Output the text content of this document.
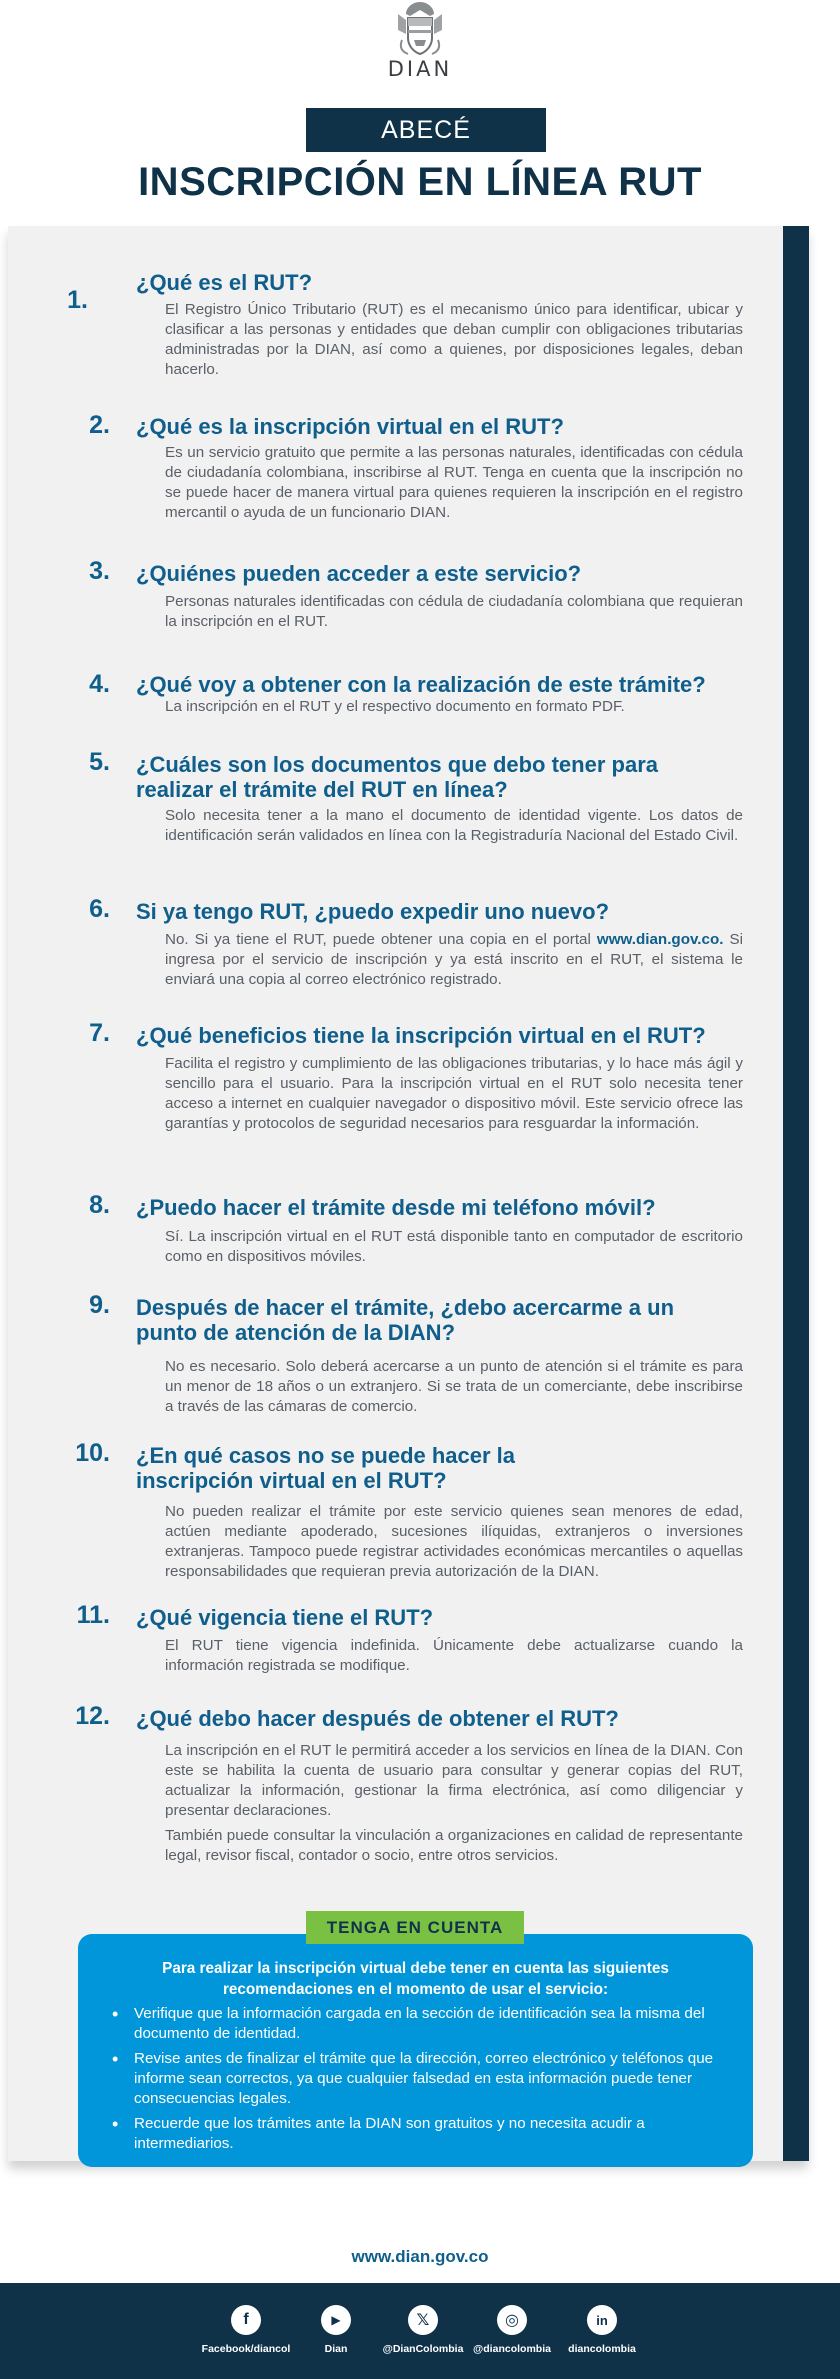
DIAN
ABECÉ
INSCRIPCIÓN EN LÍNEA RUT
1.
¿Qué es el RUT?
El Registro Único Tributario (RUT) es el mecanismo único para identificar, ubicar y clasificar a las personas y entidades que deban cumplir con obligaciones tributarias administradas por la DIAN, así como a quienes, por disposiciones legales, deban hacerlo.
2. ¿Qué es la inscripción virtual en el RUT?
Es un servicio gratuito que permite a las personas naturales, identificadas con cédula de ciudadanía colombiana, inscribirse al RUT. Tenga en cuenta que la inscripción no se puede hacer de manera virtual para quienes requieren la inscripción en el registro mercantil o ayuda de un funcionario DIAN.
3. ¿Quiénes pueden acceder a este servicio?
Personas naturales identificadas con cédula de ciudadanía colombiana que requieran la inscripción en el RUT.
4. ¿Qué voy a obtener con la realización de este trámite?
La inscripción en el RUT y el respectivo documento en formato PDF.
5. ¿Cuáles son los documentos que debo tener para realizar el trámite del RUT en línea?
Solo necesita tener a la mano el documento de identidad vigente. Los datos de identificación serán validados en línea con la Registraduría Nacional del Estado Civil.
6. Si ya tengo RUT, ¿puedo expedir uno nuevo?
No. Si ya tiene el RUT, puede obtener una copia en el portal www.dian.gov.co. Si ingresa por el servicio de inscripción y ya está inscrito en el RUT, el sistema le enviará una copia al correo electrónico registrado.
7. ¿Qué beneficios tiene la inscripción virtual en el RUT?
Facilita el registro y cumplimiento de las obligaciones tributarias, y lo hace más ágil y sencillo para el usuario. Para la inscripción virtual en el RUT solo necesita tener acceso a internet en cualquier navegador o dispositivo móvil. Este servicio ofrece las garantías y protocolos de seguridad necesarios para resguardar la información.
8. ¿Puedo hacer el trámite desde mi teléfono móvil?
Sí. La inscripción virtual en el RUT está disponible tanto en computador de escritorio como en dispositivos móviles.
9. Después de hacer el trámite, ¿debo acercarme a un punto de atención de la DIAN?
No es necesario. Solo deberá acercarse a un punto de atención si el trámite es para un menor de 18 años o un extranjero. Si se trata de un comerciante, debe inscribirse a través de las cámaras de comercio.
10. ¿En qué casos no se puede hacer la inscripción virtual en el RUT?
No pueden realizar el trámite por este servicio quienes sean menores de edad, actúen mediante apoderado, sucesiones ilíquidas, extranjeros o inversiones extranjeras. Tampoco puede registrar actividades económicas mercantiles o aquellas responsabilidades que requieran previa autorización de la DIAN.
11. ¿Qué vigencia tiene el RUT?
El RUT tiene vigencia indefinida. Únicamente debe actualizarse cuando la información registrada se modifique.
12. ¿Qué debo hacer después de obtener el RUT?
La inscripción en el RUT le permitirá acceder a los servicios en línea de la DIAN. Con este se habilita la cuenta de usuario para consultar y generar copias del RUT, actualizar la información, gestionar la firma electrónica, así como diligenciar y presentar declaraciones.
También puede consultar la vinculación a organizaciones en calidad de representante legal, revisor fiscal, contador o socio, entre otros servicios.
Para realizar la inscripción virtual debe tener en cuenta las siguientes recomendaciones en el momento de usar el servicio:
• Verifique que la información cargada en la sección de identificación sea la misma del documento de identidad.
• Revise antes de finalizar el trámite que la dirección, correo electrónico y teléfonos que informe sean correctos, ya que cualquier falsedad en esta información puede tener consecuencias legales.
• Recuerde que los trámites ante la DIAN son gratuitos y no necesita acudir a intermediarios.
TENGA EN CUENTA
www.dian.gov.co
f
Facebook/diancol
▶
Dian
𝕏
@DianColombia
◎
@diancolombia
in
diancolombia
